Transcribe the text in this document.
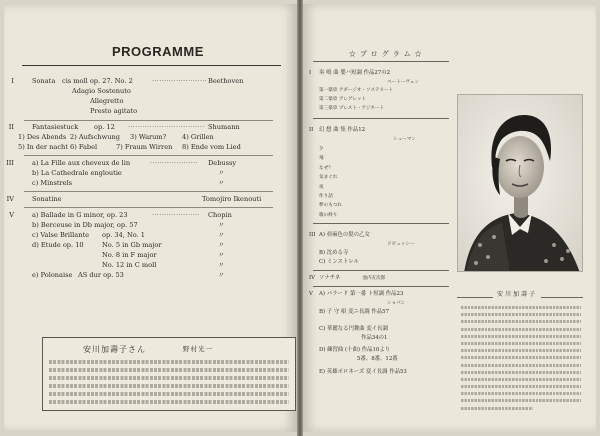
PROGRAMME
I	Sonata cis moll op. 27. No. 2	······················· Beethoven
Adagio Sostenuto
Allegretto
Presto agitato
II	Fantasiestuck op. 12 ································ Shumann
1) Des Abends 2) Aufschwung 3) Warum? 4) Grillen
5) In der nacht 6) Fabel	7) Fraum Wirren 8) Ende vom Lied
III	a) La Fille aux cheveux de lin	···················· Debussy
b) La Cathedrale engloutie	〃
c) Minstrels	〃
IV	Sonatine	Tomojiro Ikenouti
V	a) Ballade in G minor, op. 23	···················· Chopin
b) Berceuse in Db major, op. 57	〃
c) Valse Brillante op. 34, No. 1	〃
d) Etude op. 10	No. 5 in Gb major	〃
No. 8 in F major	〃
No. 12 in C moll	〃
e) Polonaise AS dur op. 53	〃
安川加壽子さん	野村光一
☆ プ ロ グ ラ ム ☆
I 奏 鳴 曲 嬰ハ短調 作品27の2
ベートーヴェン
第一楽章 アダージオ・ソステヌート
第二楽章 アレグレット
第三楽章 プレスト・アジタート
II 幻 想 曲 集 作品12
シューマン
夕
飛
なぜ？
気まぐれ
夜
作り話
夢のもつれ
歌の終り
III A) 亜麻色の髪の乙女
ドビュッシー
B) 沈める寺
C) ミンストレル
IV ソナチネ	池内友次郎
V A) バラード 第一番 ト短調 作品23
ショパン
B) 子 守 唄 変ニ長調 作品57
C) 華麗なる円舞曲 変イ長調
作品34の1
D) 練習曲 (十曲) 作品10より
5番、8番、12番
E) 英雄ポロネーズ 変イ長調 作品53
安川加壽子
